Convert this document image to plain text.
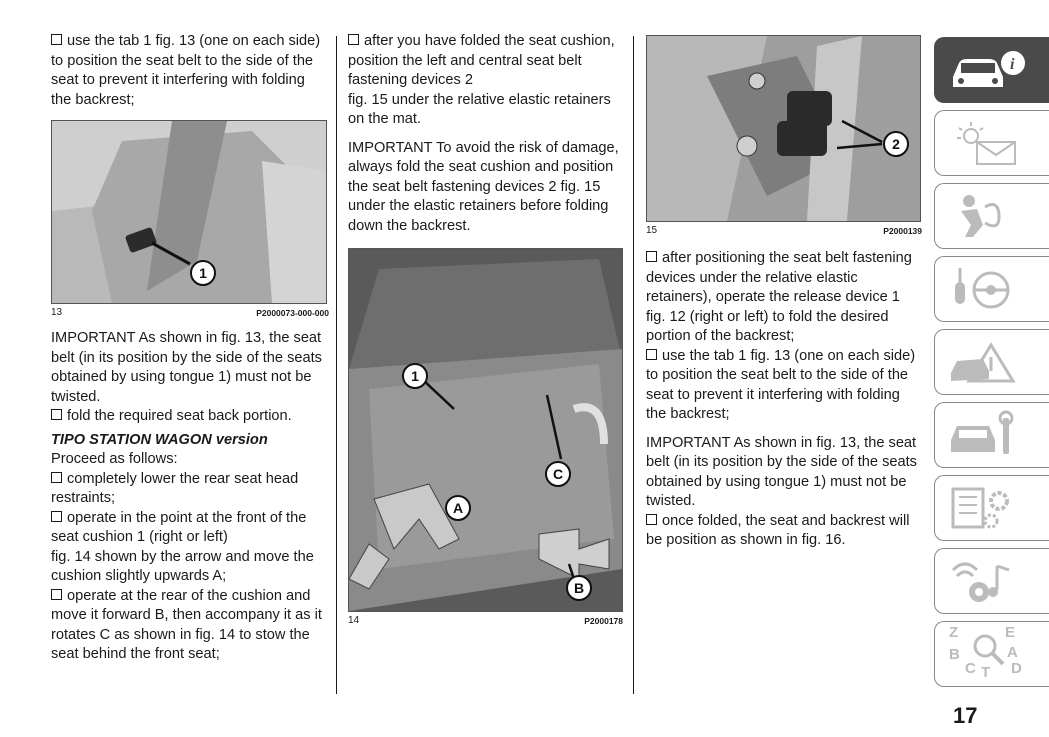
use the tab 1 fig. 13 (one on each side) to position the seat belt to the side of the seat to prevent it interfering with folding the backrest;

1
13	P2000073-000-000

IMPORTANT As shown in fig. 13, the seat belt (in its position by the side of the seats obtained by using tongue 1) must not be twisted.

fold the required seat back portion.

TIPO STATION WAGON version

Proceed as follows:

completely lower the rear seat head restraints;

operate in the point at the front of the seat cushion 1 (right or left)

fig. 14 shown by the arrow and move the cushion slightly upwards A;

operate at the rear of the cushion and move it forward B, then accompany it as it rotates C as shown in fig. 14 to stow the seat behind the front seat;

after you have folded the seat cushion, position the left and central seat belt fastening devices 2

fig. 15 under the relative elastic retainers on the mat.

IMPORTANT To avoid the risk of damage, always fold the seat cushion and position the seat belt fastening devices 2 fig. 15 under the elastic retainers before folding down the backrest.

1
A
B
C
14	P2000178
2
15	P2000139

after positioning the seat belt fastening devices under the relative elastic retainers), operate the release device 1 fig. 12 (right or left) to fold the desired portion of the backrest;

use the tab 1 fig. 13 (one on each side) to position the seat belt to the side of the seat to prevent it interfering with folding the backrest;

IMPORTANT As shown in fig. 13, the seat belt (in its position by the side of the seats obtained by using tongue 1) must not be twisted.

once folded, the seat and backrest will be position as shown in fig. 16.

i
Z	E
B	A
C T D
17
